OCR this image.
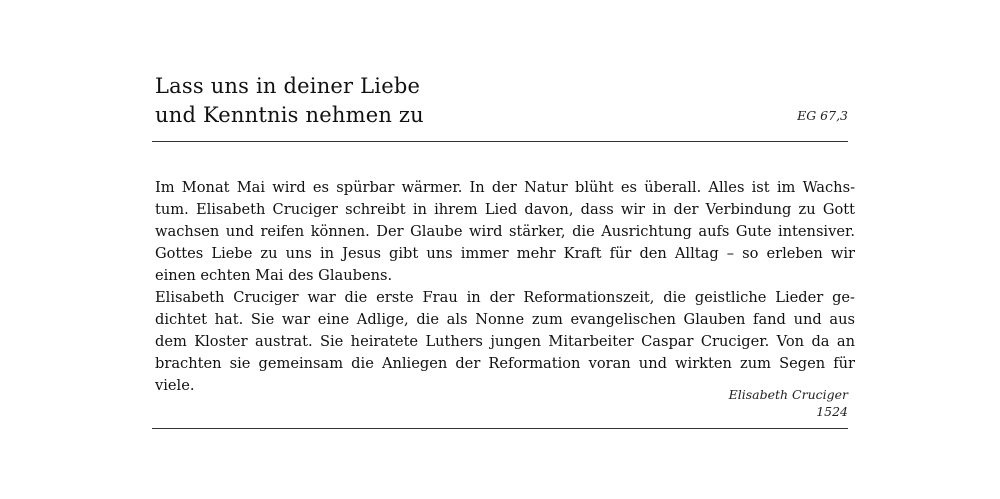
Lass uns in deiner Liebe
und Kenntnis nehmen zu	EG 67,3
Im Monat Mai wird es spürbar wärmer. In der Natur blüht es überall. Alles ist im Wachs-
tum. Elisabeth Cruciger schreibt in ihrem Lied davon, dass wir in der Verbindung zu Gott
wachsen und reifen können. Der Glaube wird stärker, die Ausrichtung aufs Gute intensiver.
Gottes Liebe zu uns in Jesus gibt uns immer mehr Kraft für den Alltag – so erleben wir
einen echten Mai des Glaubens.
Elisabeth Cruciger war die erste Frau in der Reformationszeit, die geistliche Lieder ge-
dichtet hat. Sie war eine Adlige, die als Nonne zum evangelischen Glauben fand und aus
dem Kloster austrat. Sie heiratete Luthers jungen Mitarbeiter Caspar Cruciger. Von da an
brachten sie gemeinsam die Anliegen der Reformation voran und wirkten zum Segen für
viele.
Elisabeth Cruciger
1524
